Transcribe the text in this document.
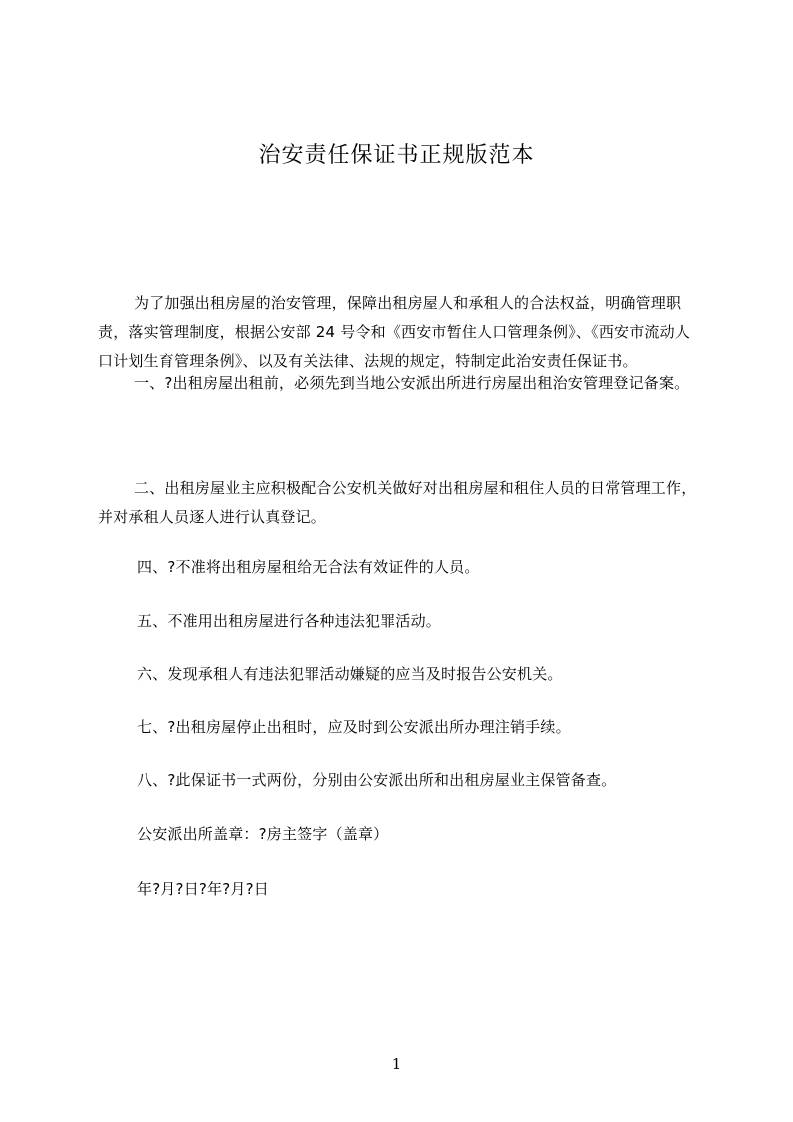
治安责任保证书正规版范本
为了加强出租房屋的治安管理，保障出租房屋人和承租人的合法权益，明确管理职责，落实管理制度，根据公安部 24 号令和《西安市暂住人口管理条例》、《西安市流动人口计划生育管理条例》、以及有关法律、法规的规定，特制定此治安责任保证书。
一、?出租房屋出租前，必须先到当地公安派出所进行房屋出租治安管理登记备案。
二、出租房屋业主应积极配合公安机关做好对出租房屋和租住人员的日常管理工作，并对承租人员逐人进行认真登记。
四、?不准将出租房屋租给无合法有效证件的人员。
五、不准用出租房屋进行各种违法犯罪活动。
六、发现承租人有违法犯罪活动嫌疑的应当及时报告公安机关。
七、?出租房屋停止出租时，应及时到公安派出所办理注销手续。
八、?此保证书一式两份，分别由公安派出所和出租房屋业主保管备查。
公安派出所盖章：?房主签字（盖章）
年?月?日?年?月?日
1
